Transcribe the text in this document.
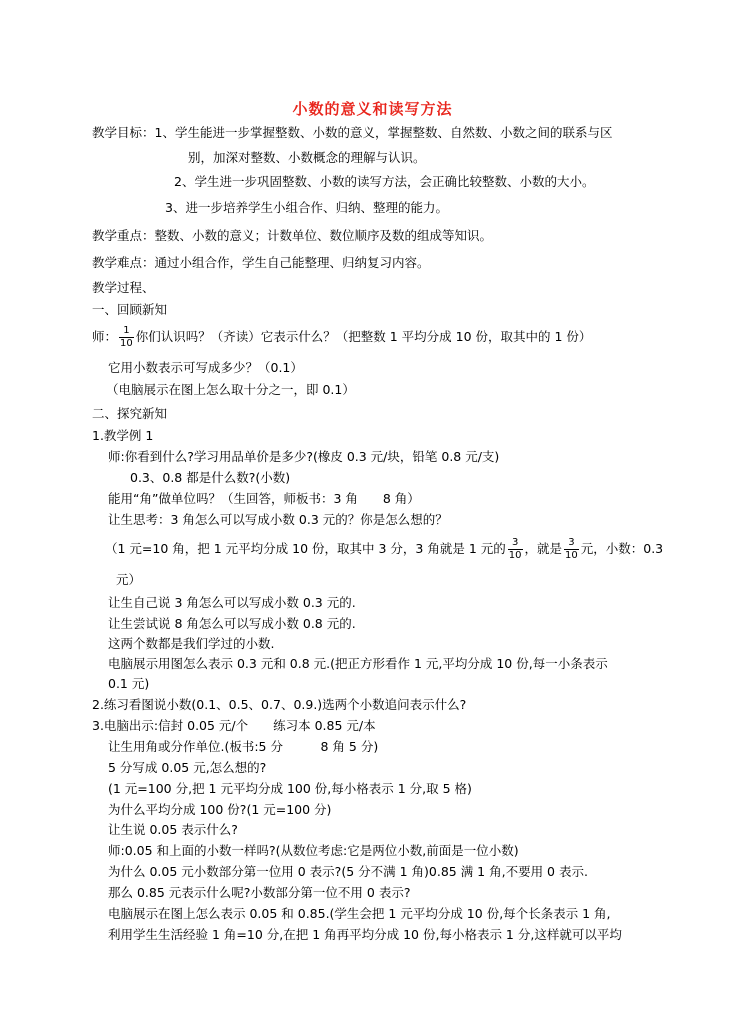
小数的意义和读写方法
教学目标：1、学生能进一步掌握整数、小数的意义，掌握整数、自然数、小数之间的联系与区
别，加深对整数、小数概念的理解与认识。
2、学生进一步巩固整数、小数的读写方法，会正确比较整数、小数的大小。
3、进一步培养学生小组合作、归纳、整理的能力。
教学重点：整数、小数的意义；计数单位、数位顺序及数的组成等知识。
教学难点：通过小组合作，学生自己能整理、归纳复习内容。
教学过程、
一、回顾新知
师： $\frac{1}{10}$ 你们认识吗？（齐读）它表示什么？（把整数 1 平均分成 10 份，取其中的 1 份）
它用小数表示可写成多少？（0.1）
（电脑展示在图上怎么取十分之一，即 0.1）
二、探究新知
1.教学例 1
师:你看到什么?学习用品单价是多少?(橡皮 0.3 元/块，铅笔 0.8 元/支)
0.3、0.8 都是什么数?(小数)
能用“角”做单位吗？（生回答，师板书：3 角　　8 角）
让生思考：3 角怎么可以写成小数 0.3 元的？你是怎么想的？
（1 元=10 角，把 1 元平均分成 10 份，取其中 3 分，3 角就是 1 元的 $\frac{3}{10}$ ，就是 $\frac{3}{10}$ 元，小数：0.3
元）
让生自己说 3 角怎么可以写成小数 0.3 元的.
让生尝试说 8 角怎么可以写成小数 0.8 元的.
这两个数都是我们学过的小数.
电脑展示用图怎么表示 0.3 元和 0.8 元.(把正方形看作 1 元,平均分成 10 份,每一小条表示
0.1 元)
2.练习看图说小数(0.1、0.5、0.7、0.9.)选两个小数追问表示什么?
3.电脑出示:信封 0.05 元/个　　练习本 0.85 元/本
让生用角或分作单位.(板书:5 分　　　8 角 5 分)
5 分写成 0.05 元,怎么想的?
(1 元=100 分,把 1 元平均分成 100 份,每小格表示 1 分,取 5 格)
为什么平均分成 100 份?(1 元=100 分)
让生说 0.05 表示什么?
师:0.05 和上面的小数一样吗?(从数位考虑:它是两位小数,前面是一位小数)
为什么 0.05 元小数部分第一位用 0 表示?(5 分不满 1 角)0.85 满 1 角,不要用 0 表示.
那么 0.85 元表示什么呢?小数部分第一位不用 0 表示?
电脑展示在图上怎么表示 0.05 和 0.85.(学生会把 1 元平均分成 10 份,每个长条表示 1 角,
利用学生生活经验 1 角=10 分,在把 1 角再平均分成 10 份,每小格表示 1 分,这样就可以平均
